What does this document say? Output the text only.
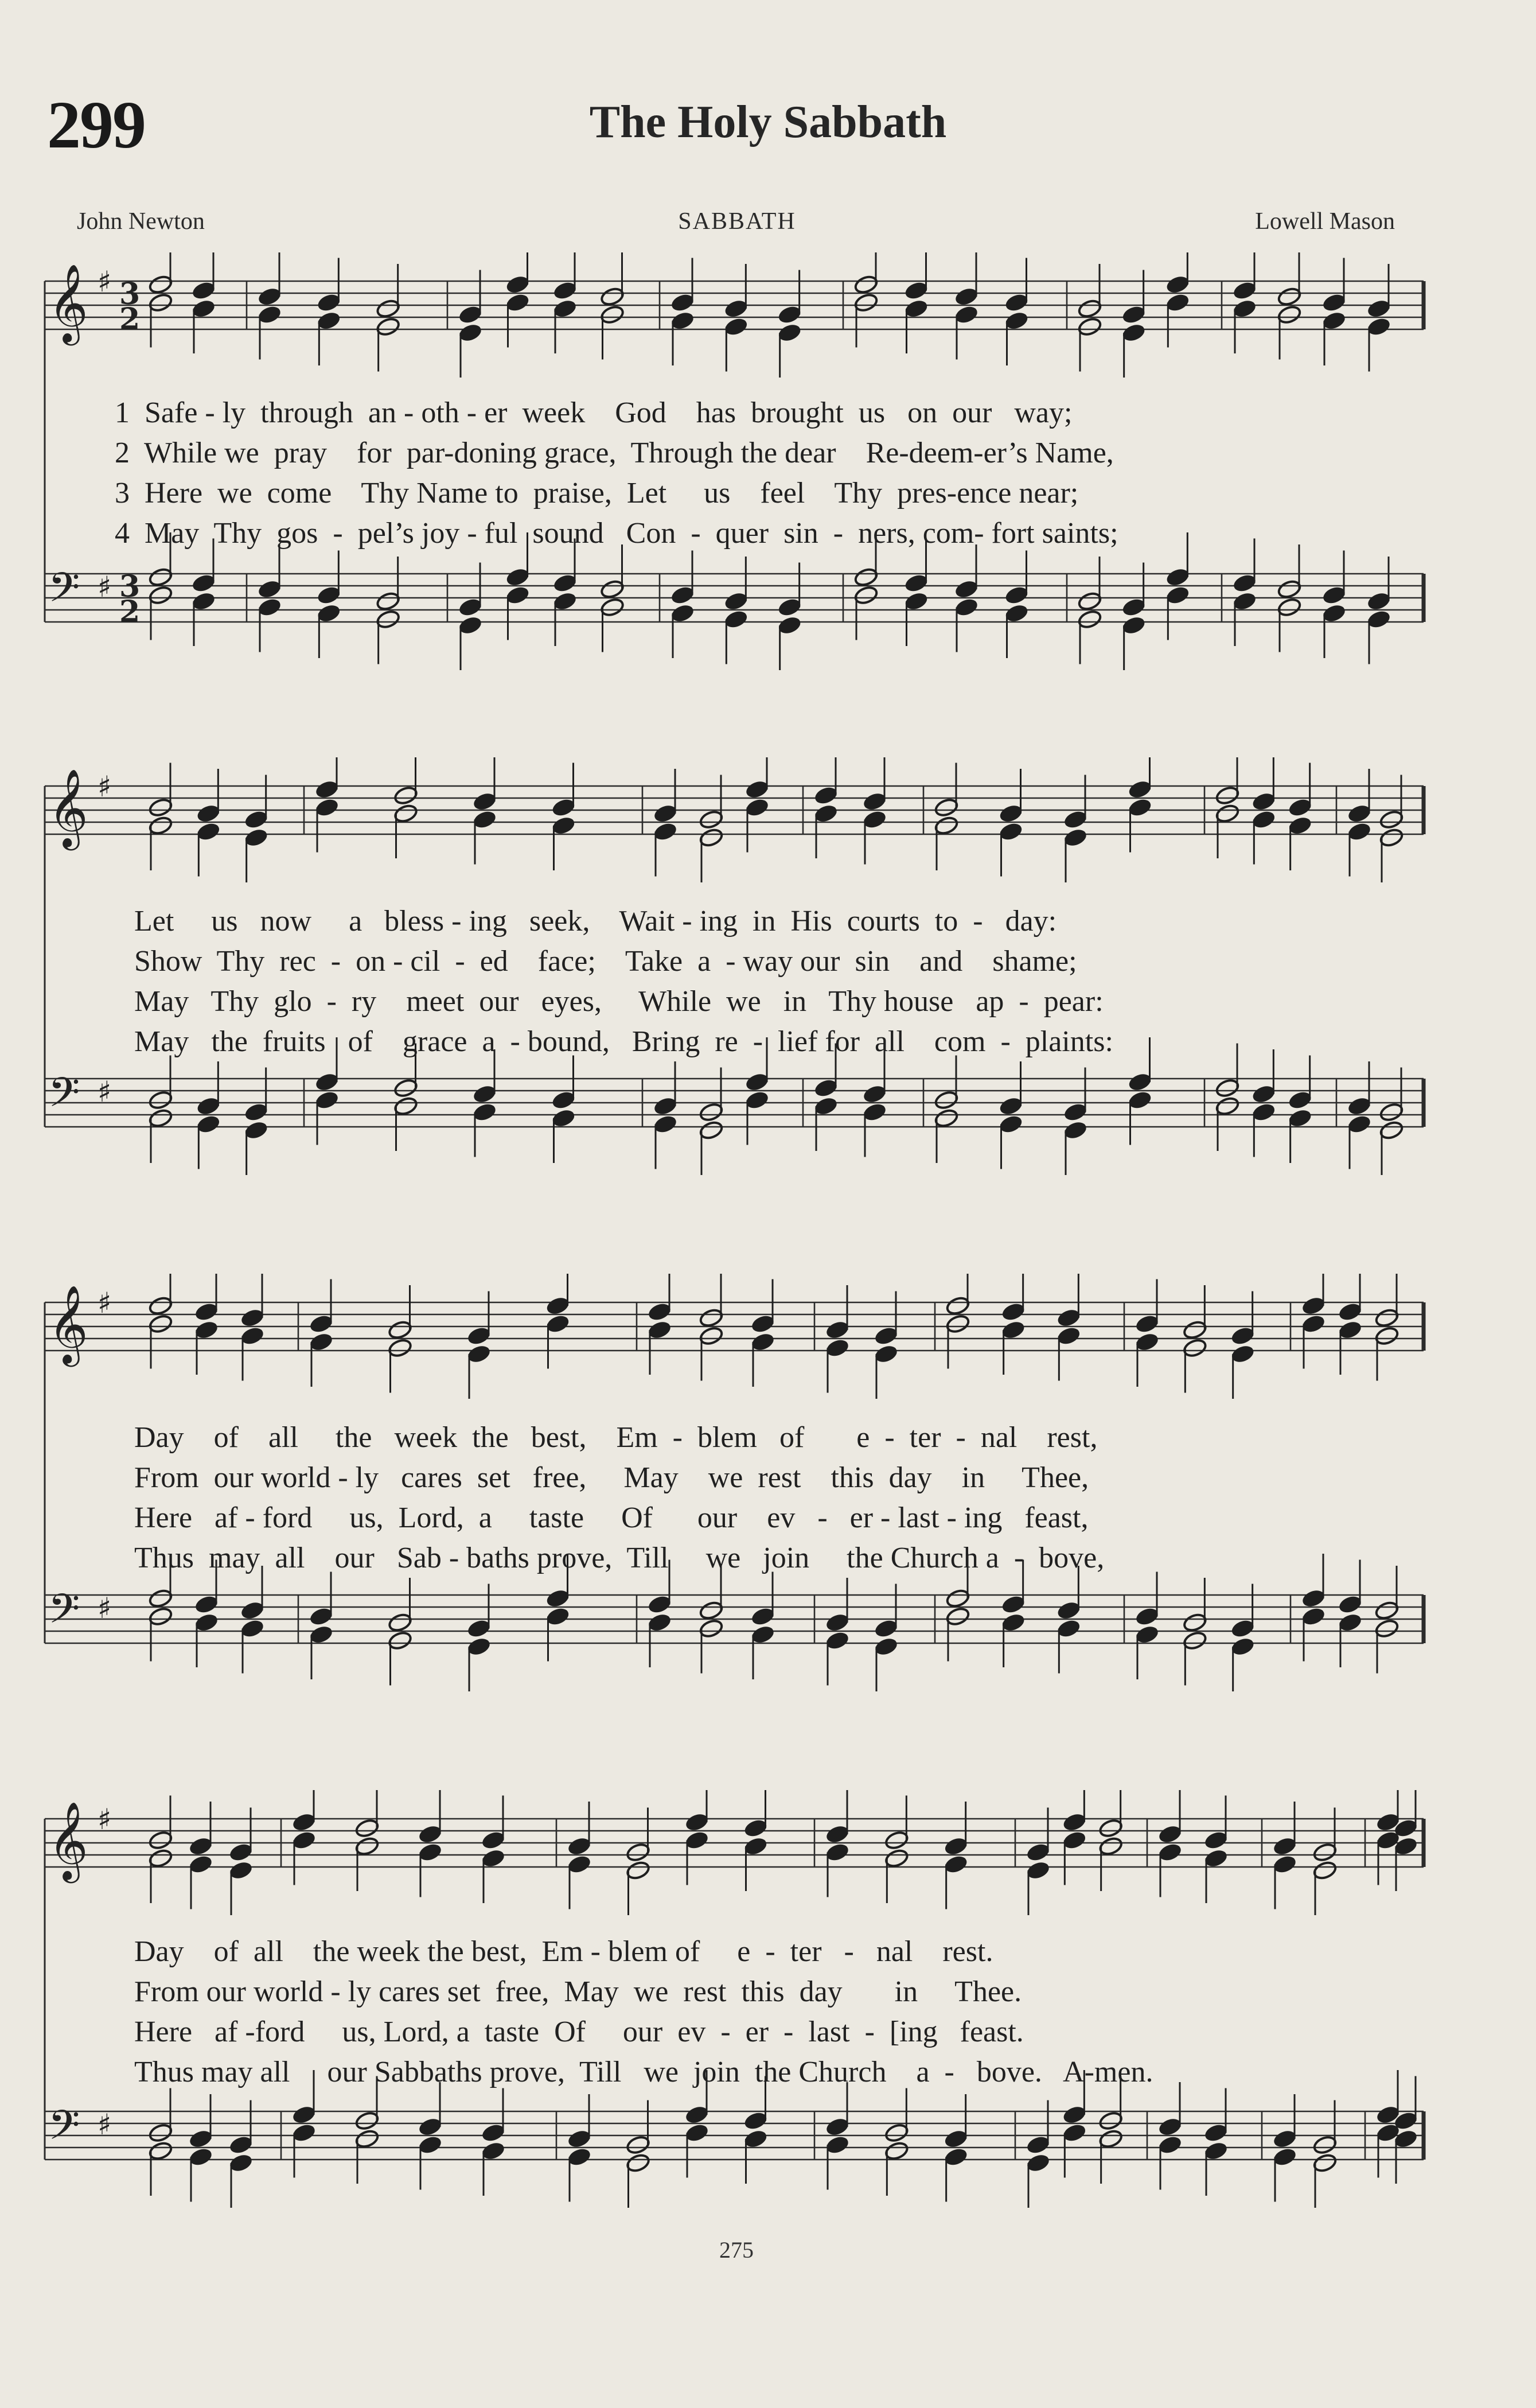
299	The Holy Sabbath
John Newton	SABBATH	Lowell Mason
𝄞 ♯
𝄢 ♯
3
2
3
2
1  Safe - ly  through  an - oth - er  week    God    has  brought  us   on  our   way;
2  While we  pray    for  par-doning grace,  Through the dear    Re-deem-er’s Name,
3  Here  we  come    Thy Name to  praise,  Let     us    feel    Thy  pres-ence near;
4  May  Thy  gos  -  pel’s joy - ful  sound   Con  -  quer  sin  -  ners, com- fort saints;
𝄞 ♯
𝄢 ♯
Let     us   now     a   bless - ing   seek,    Wait - ing  in  His  courts  to  -   day:
Show  Thy  rec  -  on - cil  -  ed    face;    Take  a  - way our  sin    and    shame;
May   Thy  glo  -  ry    meet  our   eyes,     While  we   in   Thy house   ap  -  pear:
May   the  fruits   of    grace  a  - bound,   Bring  re  -  lief for  all    com  -  plaints:
𝄞 ♯
𝄢 ♯
Day    of    all     the   week  the   best,    Em  -  blem   of       e  -  ter  -  nal    rest,
From  our world - ly   cares  set   free,     May    we  rest    this  day    in     Thee,
Here   af - ford     us,  Lord,  a     taste     Of      our    ev   -   er - last - ing   feast,
Thus  may  all    our   Sab - baths prove,  Till     we   join     the Church a  -  bove,
𝄞 ♯
𝄢 ♯
Day    of  all    the week the best,  Em - blem of     e  -  ter   -   nal    rest.
From our world - ly cares set  free,  May  we  rest  this  day       in     Thee.
Here   af -ford     us, Lord, a  taste  Of     our  ev  -  er  -  last  -  [ing   feast.
Thus may all     our Sabbaths prove,  Till   we  join  the Church    a  -   bove.   A-men.
275
